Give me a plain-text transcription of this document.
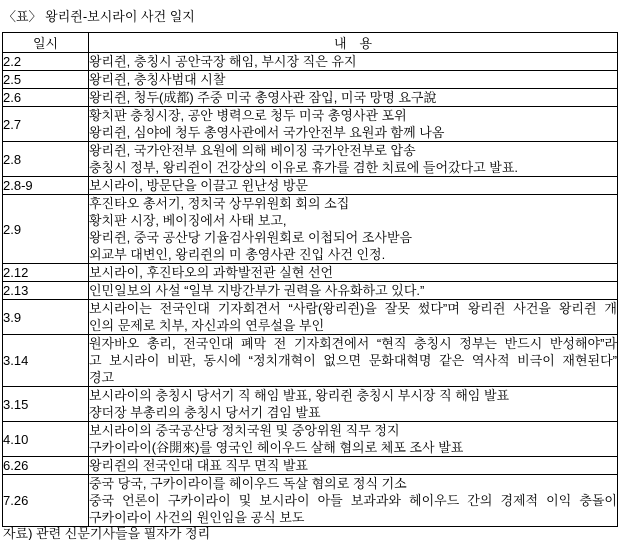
〈표〉 왕리쥔-보시라이 사건 일지
일시	내　용
2.2	왕리쥔, 충칭시 공안국장 해임, 부시장 직은 유지

2.5	왕리쥔, 충칭사범대 시찰

2.6	왕리쥔, 청두(成都) 주중 미국 총영사관 잠입, 미국 망명 요구說

2.7	황치판 충칭시장, 공안 병력으로 청두 미국 총영사관 포위
왕리쥔, 심야에 청두 총영사관에서 국가안전부 요원과 함께 나옴

2.8	왕리쥔, 국가안전부 요원에 의해 베이징 국가안전부로 압송
충칭시 정부, 왕리쥔이 건강상의 이유로 휴가를 겸한 치료에 들어갔다고 발표.

2.8-9	보시라이, 방문단을 이끌고 윈난성 방문

2.9	후진타오 총서기, 정치국 상무위원회 회의 소집
황치판 시장, 베이징에서 사태 보고,
왕리쥔, 중국 공산당 기율검사위원회로 이첩되어 조사받음
외교부 대변인, 왕리쥔의 미 총영사관 진입 사건 인정.

2.12	보시라이, 후진타오의 과학발전관 실현 선언

2.13	인민일보의 사설 “일부 지방간부가 권력을 사유화하고 있다.”

3.9	보시라이는 전국인대 기자회견서 “사람(왕리쥔)을 잘못 썼다”며 왕리쥔 사건을 왕리쥔 개
인의 문제로 치부, 자신과의 연루설을 부인

3.14	원자바오 총리, 전국인대 폐막 전 기자회견에서 “현직 충칭시 정부는 반드시 반성해야”라
고 보시라이 비판, 동시에 “정치개혁이 없으면 문화대혁명 같은 역사적 비극이 재현된다”
경고

3.15	보시라이의 충칭시 당서기 직 해임 발표, 왕리쥔 충칭시 부시장 직 해임 발표
쟝더장 부총리의 충칭시 당서기 겸임 발표

4.10	보시라이의 중국공산당 정치국원 및 중앙위원 직무 정지
구카이라이(谷開來)를 영국인 헤이우드 살해 혐의로 체포 조사 발표

6.26	왕리쥔의 전국인대 대표 직무 면직 발표

7.26	중국 당국, 구카이라이를 헤이우드 독살 혐의로 정식 기소
중국 언론이 구카이라이 및 보시라이 아들 보과과와 헤이우드 간의 경제적 이익 충돌이
구카이라이 사건의 원인임을 공식 보도
자료) 관련 신문기사들을 필자가 정리
